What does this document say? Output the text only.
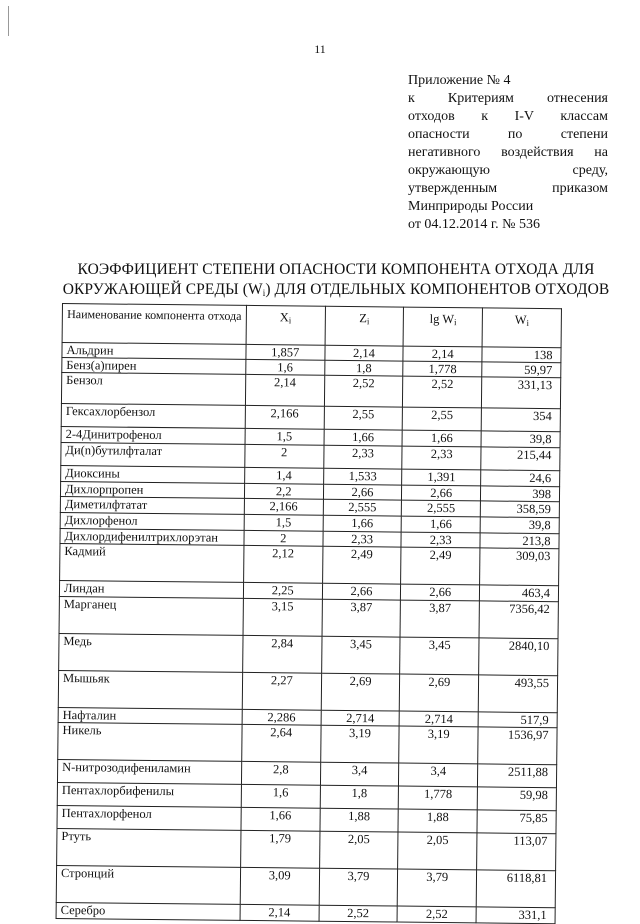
11
Приложение № 4
к Критериям отнесения
отходов к I-V классам
опасности по степени
негативного воздействия на
окружающую среду,
утвержденным приказом
Минприроды России
от 04.12.2014 г. № 536
КОЭФФИЦИЕНТ СТЕПЕНИ ОПАСНОСТИ КОМПОНЕНТА ОТХОДА ДЛЯ
ОКРУЖАЮЩЕЙ СРЕДЫ $(W_i)$ ДЛЯ ОТДЕЛЬНЫХ КОМПОНЕНТОВ ОТХОДОВ
Наименование компонента отхода	$X_i$	$Z_i$	$\lg W_i$	$W_i$
Альдрин	1,857	2,14	2,14	138
Бенз(а)пирен	1,6	1,8	1,778	59,97
Бензол	2,14	2,52	2,52	331,13
Гексахлорбензол	2,166	2,55	2,55	354
2-4Динитрофенол	1,5	1,66	1,66	39,8
Ди(n)бутилфталат	2	2,33	2,33	215,44
Диоксины	1,4	1,533	1,391	24,6
Дихлорпропен	2,2	2,66	2,66	398
Диметилфтатат	2,166	2,555	2,555	358,59
Дихлорфенол	1,5	1,66	1,66	39,8
Дихлордифенилтрихлорэтан	2	2,33	2,33	213,8
Кадмий	2,12	2,49	2,49	309,03
Линдан	2,25	2,66	2,66	463,4
Марганец	3,15	3,87	3,87	7356,42
Медь	2,84	3,45	3,45	2840,10
Мышьяк	2,27	2,69	2,69	493,55
Нафталин	2,286	2,714	2,714	517,9
Никель	2,64	3,19	3,19	1536,97
N-нитрозодифениламин	2,8	3,4	3,4	2511,88
Пентахлорбифенилы	1,6	1,8	1,778	59,98
Пентахлорфенол	1,66	1,88	1,88	75,85
Ртуть	1,79	2,05	2,05	113,07
Стронций	3,09	3,79	3,79	6118,81
Серебро	2,14	2,52	2,52	331,1
